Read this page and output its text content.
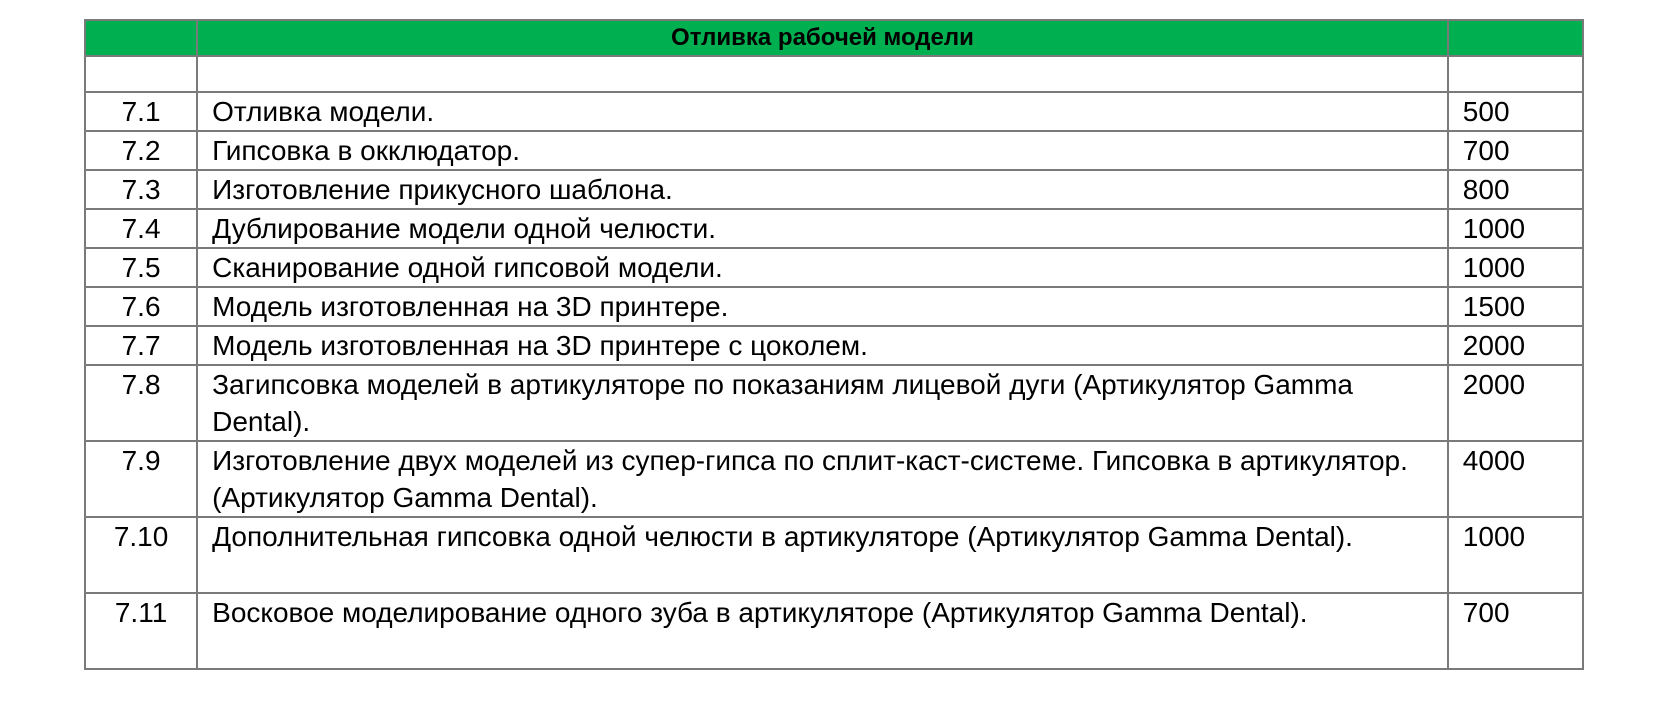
	Отливка рабочей модели	

7.1	Отливка модели.	500
7.2	Гипсовка в окклюдатор.	700
7.3	Изготовление прикусного шаблона.	800
7.4	Дублирование модели одной челюсти.	1000
7.5	Сканирование одной гипсовой модели.	1000
7.6	Модель изготовленная на 3D принтере.	1500
7.7	Модель изготовленная на 3D принтере с цоколем.	2000
7.8	Загипсовка моделей в артикуляторе по показаниям лицевой дуги (Артикулятор Gamma Dental).	2000
7.9	Изготовление двух моделей из супер-гипса по сплит-каст-системе. Гипсовка в артикулятор. (Артикулятор Gamma Dental).	4000
7.10	Дополнительная гипсовка одной челюсти в артикуляторе (Артикулятор Gamma Dental).	1000
7.11	Восковое моделирование одного зуба в артикуляторе (Артикулятор Gamma Dental).	700
